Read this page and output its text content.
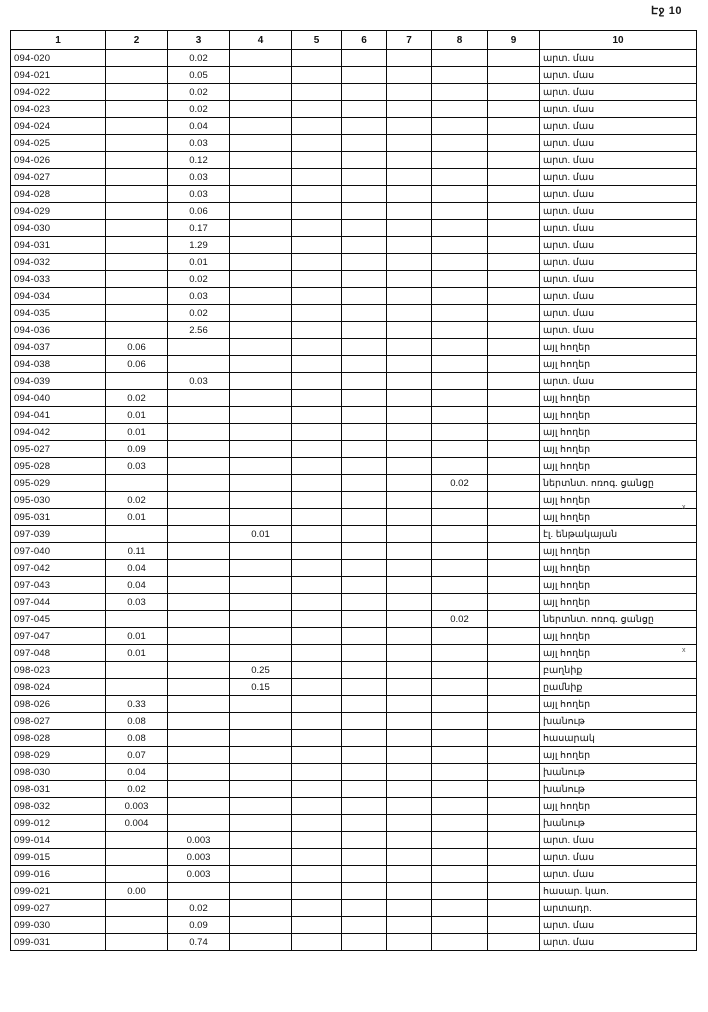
Էջ 10
1	2	3	4	5	6	7	8	9	10
094-020		0.02							արտ. մաս
094-021		0.05							արտ. մաս
094-022		0.02							արտ. մաս
094-023		0.02							արտ. մաս
094-024		0.04							արտ. մաս
094-025		0.03							արտ. մաս
094-026		0.12							արտ. մաս
094-027		0.03							արտ. մաս
094-028		0.03							արտ. մաս
094-029		0.06							արտ. մաս
094-030		0.17							արտ. մաս
094-031		1.29							արտ. մաս
094-032		0.01							արտ. մաս
094-033		0.02							արտ. մաս
094-034		0.03							արտ. մաս
094-035		0.02							արտ. մաս
094-036		2.56							արտ. մաս
094-037	0.06								այլ հողեր
094-038	0.06								այլ հողեր
094-039		0.03							արտ. մաս
094-040	0.02								այլ հողեր
094-041	0.01								այլ հողեր
094-042	0.01								այլ հողեր
095-027	0.09								այլ հողեր
095-028	0.03								այլ հողեր
095-029							0.02		ներտնտ. ոռոգ. ցանցը
095-030	0.02								այլ հողեր
095-031	0.01								այլ հողեր
097-039			0.01						էլ. ենթակայան
097-040	0.11								այլ հողեր
097-042	0.04								այլ հողեր
097-043	0.04								այլ հողեր
097-044	0.03								այլ հողեր
097-045							0.02		ներտնտ. ոռոգ. ցանցը
097-047	0.01								այլ հողեր
097-048	0.01								այլ հողեր
098-023			0.25						բաղնիք
098-024			0.15						ըամնիք
098-026	0.33								այլ հողեր
098-027	0.08								խանութ
098-028	0.08								հասարակ
098-029	0.07								այլ հողեր
098-030	0.04								խանութ
098-031	0.02								խանութ
098-032	0.003								այլ հողեր
099-012	0.004								խանութ
099-014		0.003							արտ. մաս
099-015		0.003							արտ. մաս
099-016		0.003							արտ. մաս
099-021	0.00								հասար. կաո.
099-027		0.02							արտադր.
099-030		0.09							արտ. մաս
099-031		0.74							արտ. մաս
x
x
